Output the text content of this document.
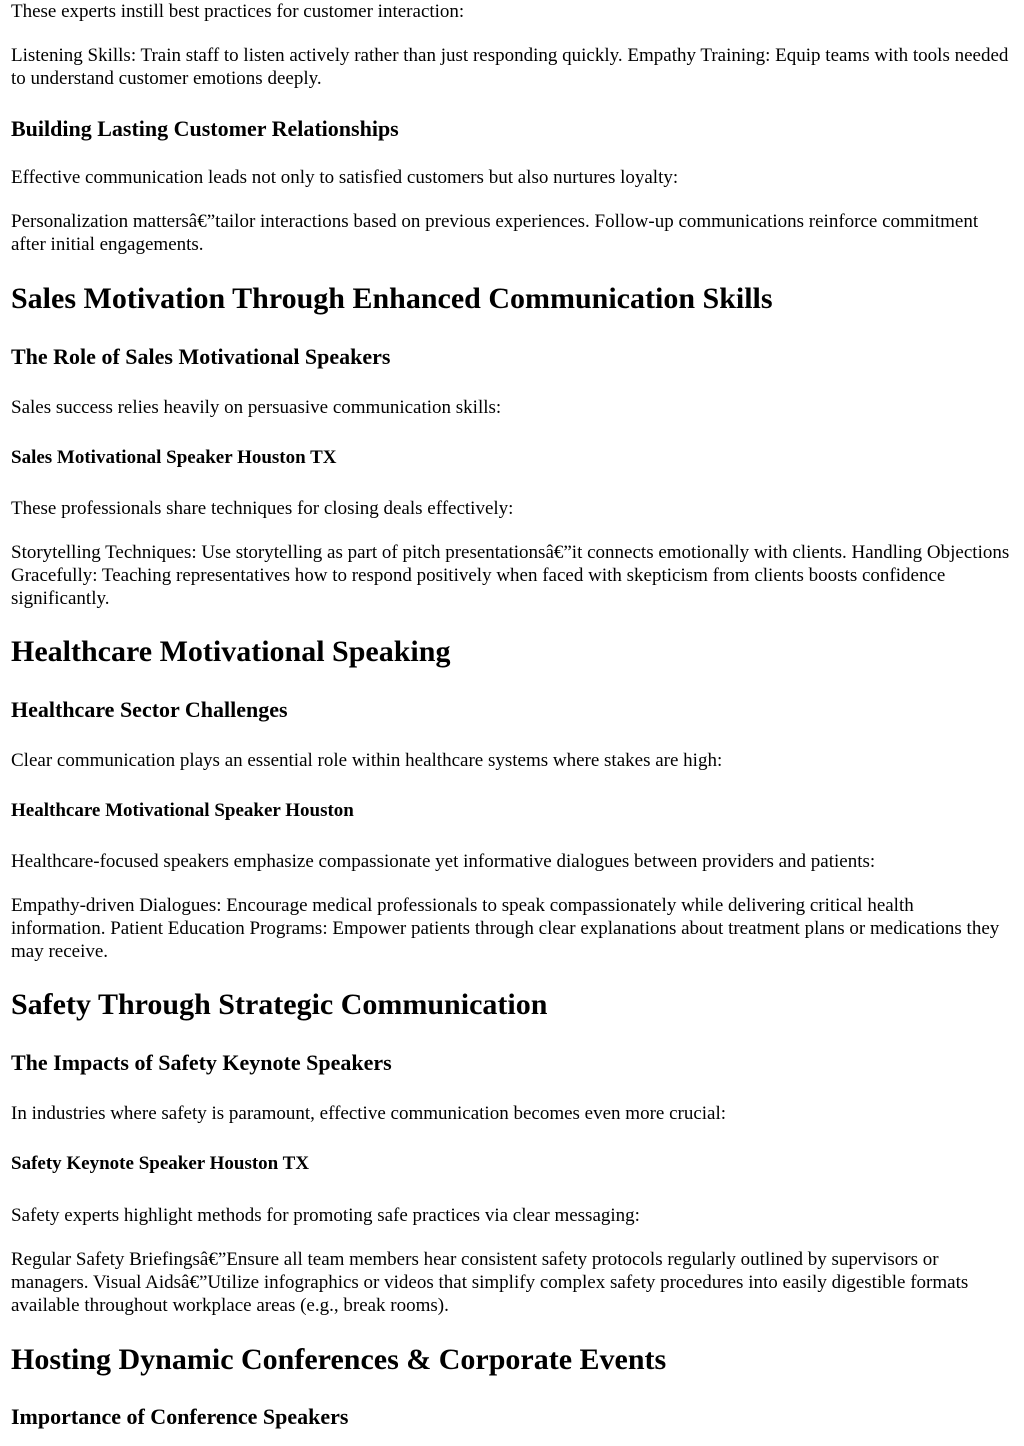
These experts instill best practices for customer interaction:

Listening Skills: Train staff to listen actively rather than just responding quickly. Empathy Training: Equip teams with tools needed to understand customer emotions deeply.

Building Lasting Customer Relationships

Effective communication leads not only to satisfied customers but also nurtures loyalty:

Personalization mattersâ€”tailor interactions based on previous experiences. Follow-up communications reinforce commitment after initial engagements.

Sales Motivation Through Enhanced Communication Skills
The Role of Sales Motivational Speakers

Sales success relies heavily on persuasive communication skills:

Sales Motivational Speaker Houston TX

These professionals share techniques for closing deals effectively:

Storytelling Techniques: Use storytelling as part of pitch presentationsâ€”it connects emotionally with clients. Handling Objections Gracefully: Teaching representatives how to respond positively when faced with skepticism from clients boosts confidence significantly.

Healthcare Motivational Speaking
Healthcare Sector Challenges

Clear communication plays an essential role within healthcare systems where stakes are high:

Healthcare Motivational Speaker Houston

Healthcare-focused speakers emphasize compassionate yet informative dialogues between providers and patients:

Empathy-driven Dialogues: Encourage medical professionals to speak compassionately while delivering critical health information. Patient Education Programs: Empower patients through clear explanations about treatment plans or medications they may receive.

Safety Through Strategic Communication
The Impacts of Safety Keynote Speakers

In industries where safety is paramount, effective communication becomes even more crucial:

Safety Keynote Speaker Houston TX

Safety experts highlight methods for promoting safe practices via clear messaging:

Regular Safety Briefingsâ€”Ensure all team members hear consistent safety protocols regularly outlined by supervisors or managers. Visual Aidsâ€”Utilize infographics or videos that simplify complex safety procedures into easily digestible formats available throughout workplace areas (e.g., break rooms).

Hosting Dynamic Conferences & Corporate Events
Importance of Conference Speakers
